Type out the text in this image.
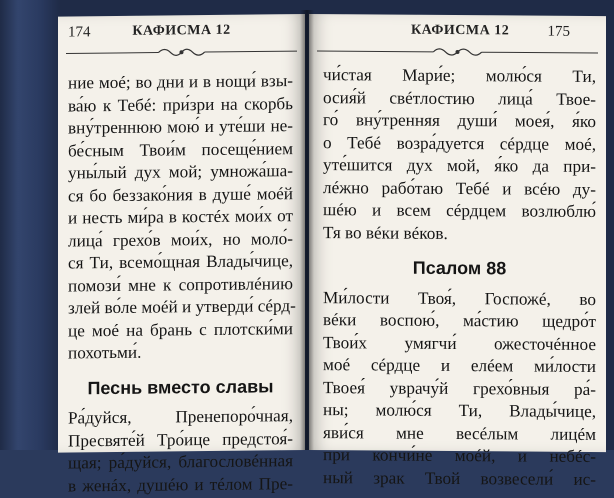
174	КАФИСМА 12
ние моé; во дни и в нощи́ взы-
ва́ю к Тебé: при́зри на скорбь
вну́треннюю мою́ и уте́ши не-
бе́сным Твои́м посеще́нием
уны́лый дух мой; умножа́ша-
ся бо беззако́ния в душе́ моéй
и несть ми́ра в костéх мои́х от
лица́ грехо́в мои́х, но моло́-
ся Ти, всемо́щная Влады́чице,
помози́ мне к сопротивлéнию
злей во́ле моéй и утверди́ сéрд-
це моé на брань с плотски́ми
похотьми́.
Песнь вместо славы
Ра́дуйся, Пренепоро́чная,
Пресвяте́й Тро́ице предстоя́-
щая; ра́дуйся, благословéнная
в женáх, душéю и тéлом Пре-
КАФИСМА 12	175
чи́стая Мари́е; молю́ся Ти,
осия́й свéтлостию лица́ Твое-
го́ вну́тренняя души́ моея́, я́ко
о Тебé возра́дуется сéрдце моé,
уте́шится дух мой, я́ко да при-
лéжно рабо́таю Тебé и всéю ду-
шéю и всем сéрдцем возлюблю́
Тя во вéки вéков.
Псалом 88
Ми́лости Твоя́, Госпожé, во
вéки воспою́, ма́стию щедро́т
Твои́х умягчи́ ожесточéнное
моé сéрдце и елéем ми́лости
Твоея́ уврачу́й грехо́вныя ра́-
ны; молю́ся Ти, Влады́чице,
яви́ся мне весéлым лицéм
при кончи́не моéй, и небéс-
ный зрак Твой возвесели́ ис-
